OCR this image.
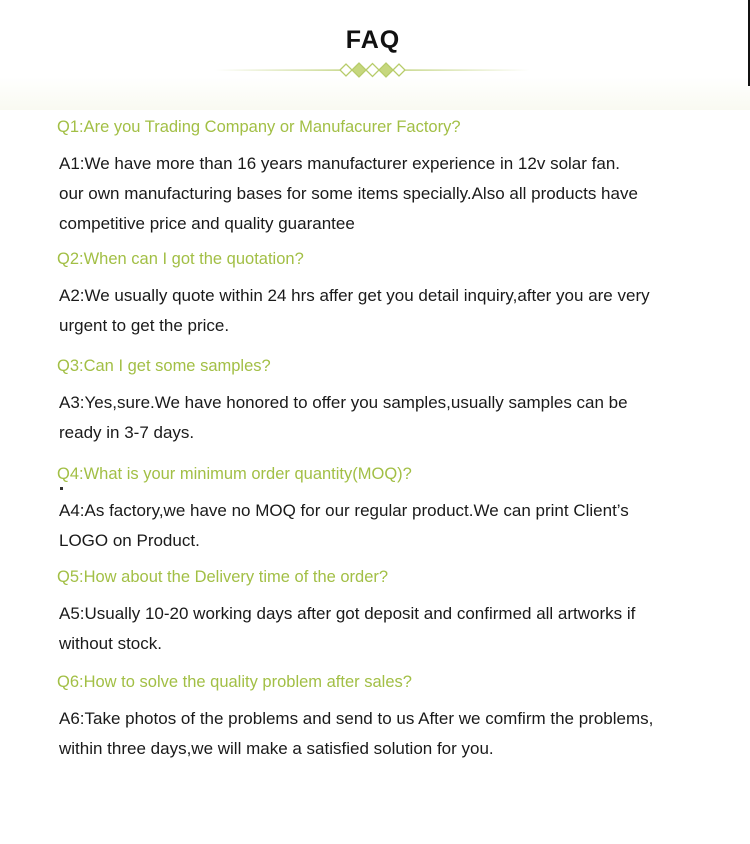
FAQ
Q1:Are you Trading Company or Manufacurer Factory?
A1:We have more than 16 years manufacturer experience in 12v solar fan.
our own manufacturing bases for some items specially.Also all products have
competitive price and quality guarantee
Q2:When can I got the quotation?
A2:We usually quote within 24 hrs affer get you detail inquiry,after you are very
urgent to get the price.
Q3:Can I get some samples?
A3:Yes,sure.We have honored to offer you samples,usually samples can be
ready in 3-7 days.
Q4:What is your minimum order quantity(MOQ)?
A4:As factory,we have no MOQ for our regular product.We can print Client’s
LOGO on Product.
Q5:How about the Delivery time of the order?
A5:Usually 10-20 working days after got deposit and confirmed all artworks if
without stock.
Q6:How to solve the quality problem after sales?
A6:Take photos of the problems and send to us After we comfirm the problems,
within three days,we will make a satisfied solution for you.
